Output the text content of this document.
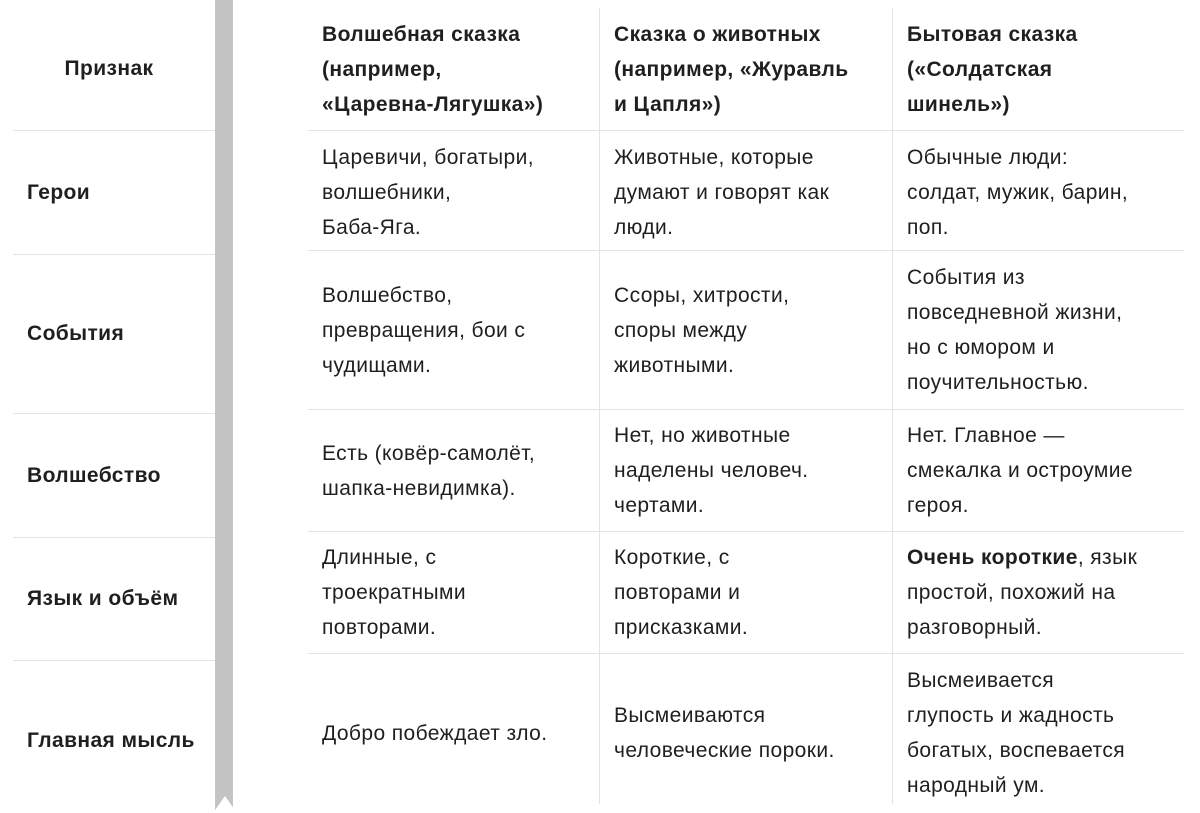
Признак
Герои
События
Волшебство
Язык и объём
Главная мысль
Волшебная сказка
(например,
«Царевна-Лягушка»)
Сказка о животных
(например, «Журавль
и Цапля»)
Бытовая сказка
(«Солдатская
шинель»)
Царевичи, богатыри,
волшебники,
Баба-Яга.
Животные, которые
думают и говорят как
люди.
Обычные люди:
солдат, мужик, барин,
поп.
Волшебство,
превращения, бои с
чудищами.
Ссоры, хитрости,
споры между
животными.
События из
повседневной жизни,
но с юмором и
поучительностью.
Есть (ковёр-самолёт,
шапка-невидимка).
Нет, но животные
наделены человеч.
чертами.
Нет. Главное —
смекалка и остроумие
героя.
Длинные, с
троекратными
повторами.
Короткие, с
повторами и
присказками.
Очень короткие, язык
простой, похожий на
разговорный.
Добро побеждает зло.
Высмеиваются
человеческие пороки.
Высмеивается
глупость и жадность
богатых, воспевается
народный ум.
